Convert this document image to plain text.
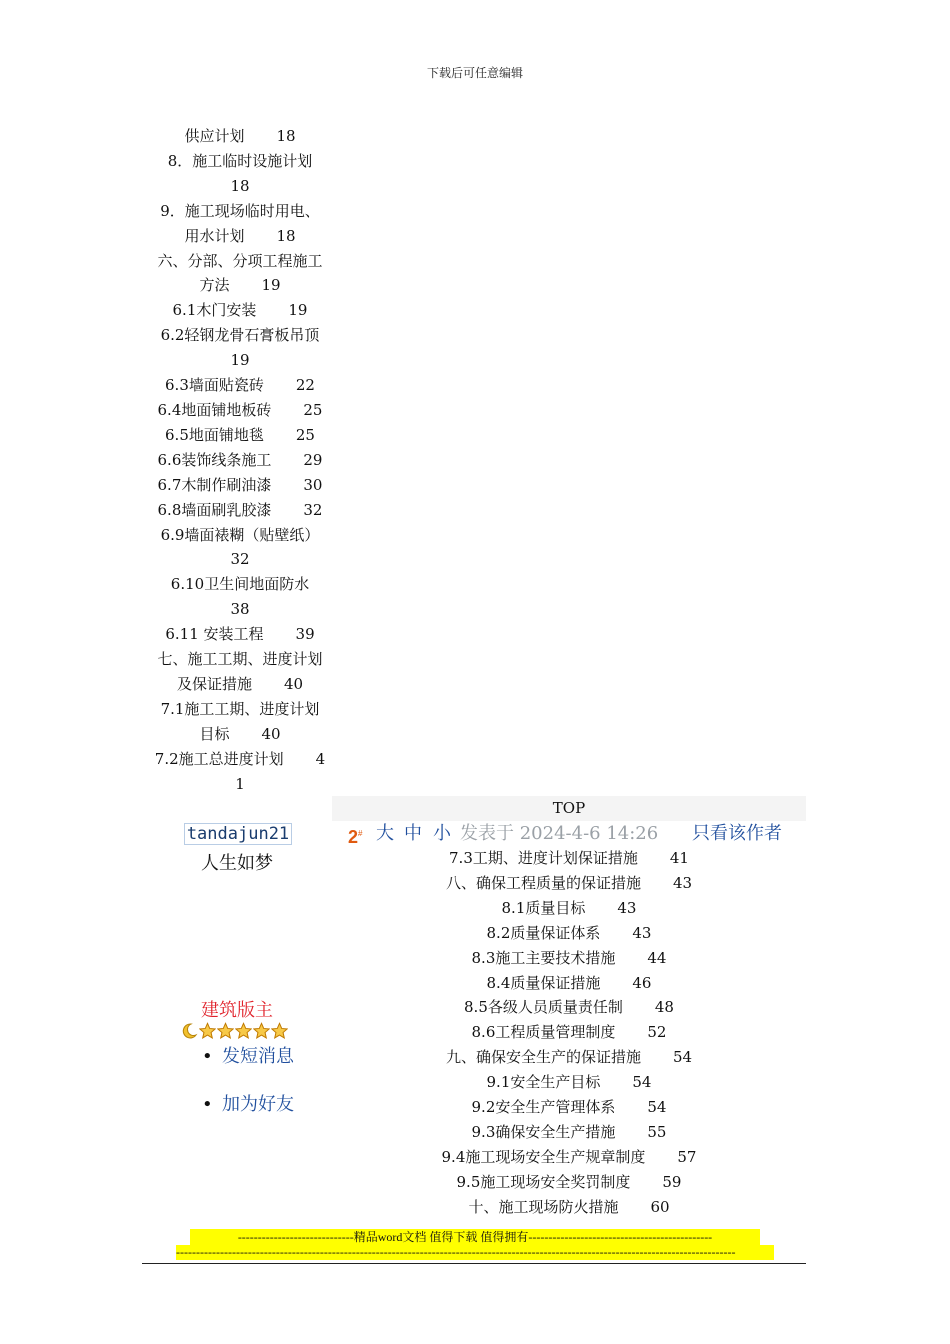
下载后可任意编辑
供应计划 18
8．施工临时设施计划
18
9．施工现场临时用电、
用水计划 18
六、分部、分项工程施工
方法 19
6.1木门安装 19
6.2轻钢龙骨石膏板吊顶
19
6.3墙面贴瓷砖 22
6.4地面铺地板砖 25
6.5地面铺地毯 25
6.6装饰线条施工 29
6.7木制作刷油漆 30
6.8墙面刷乳胶漆 32
6.9墙面裱糊（贴壁纸）
32
6.10卫生间地面防水
38
6.11 安装工程 39
七、施工工期、进度计划
及保证措施 40
7.1施工工期、进度计划
目标 40
7.2施工总进度计划 4
1
TOP
tandajun21
人生如梦
建筑版主
• 发短消息
• 加为好友
2# 大 中 小 发表于 2024-4-6 14:26 只看该作者
7.3工期、进度计划保证措施 41
八、确保工程质量的保证措施 43
8.1质量目标 43
8.2质量保证体系 43
8.3施工主要技术措施 44
8.4质量保证措施 46
8.5各级人员质量责任制 48
8.6工程质量管理制度 52
九、确保安全生产的保证措施 54
9.1安全生产目标 54
9.2安全生产管理体系 54
9.3确保安全生产措施 55
9.4施工现场安全生产规章制度 57
9.5施工现场安全奖罚制度 59
十、施工现场防火措施 60
-----------------------------精品word文档 值得下载 值得拥有----------------------------------------------
--------------------------------------------------------------------------------------------------------------------------------------------
